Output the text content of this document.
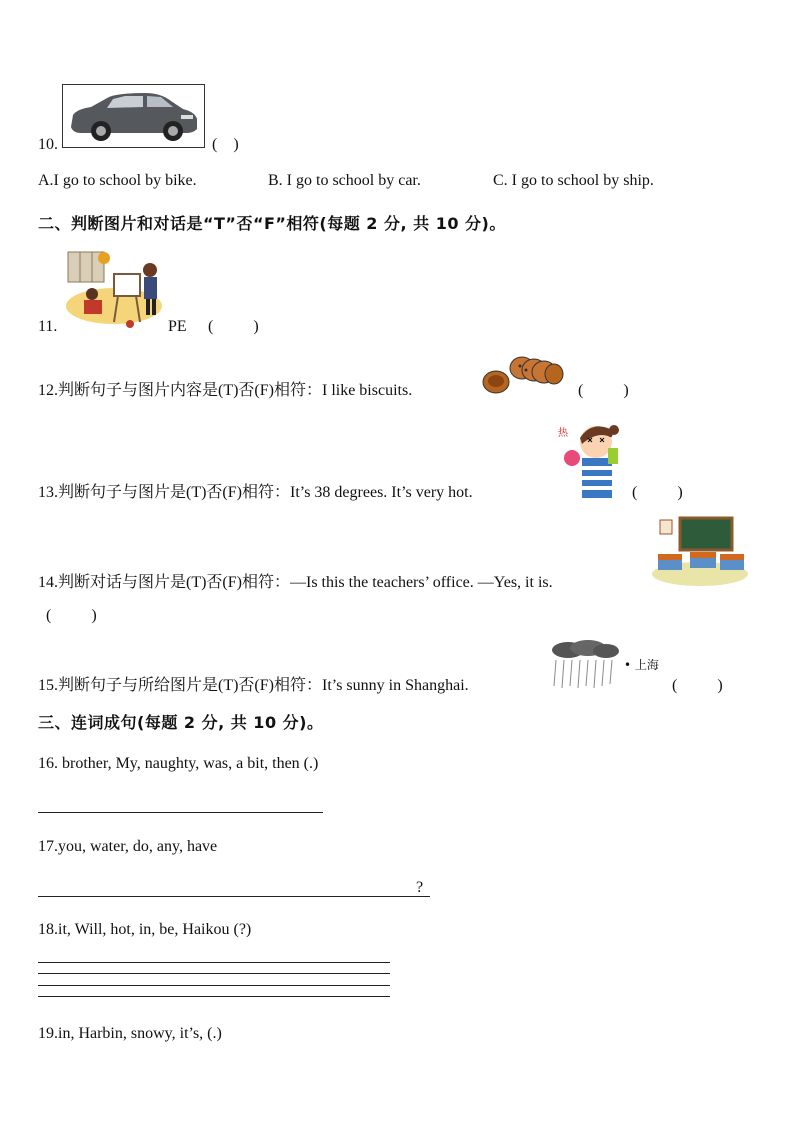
10.	(    )
A.I go to school by bike.	B. I go to school by car.	C. I go to school by ship.
二、判断图片和对话是“T”否“F”相符(每题 2 分, 共 10 分)。
11.	PE (          )
12.判断句子与图片内容是(T)否(F)相符：I like biscuits.	(          )
13.判断句子与图片是(T)否(F)相符：It’s 38 degrees. It’s very hot.
热
(          )
14.判断对话与图片是(T)否(F)相符：—Is this the teachers’ office. —Yes, it is.
(          )
15.判断句子与所给图片是(T)否(F)相符：It’s sunny in Shanghai.
• 上海
(          )
三、连词成句(每题 2 分, 共 10 分)。
16. brother, My, naughty, was, a bit, then (.)
17.you, water, do, any, have
?
18.it, Will, hot, in, be, Haikou (?)
19.in, Harbin, snowy, it’s, (.)
